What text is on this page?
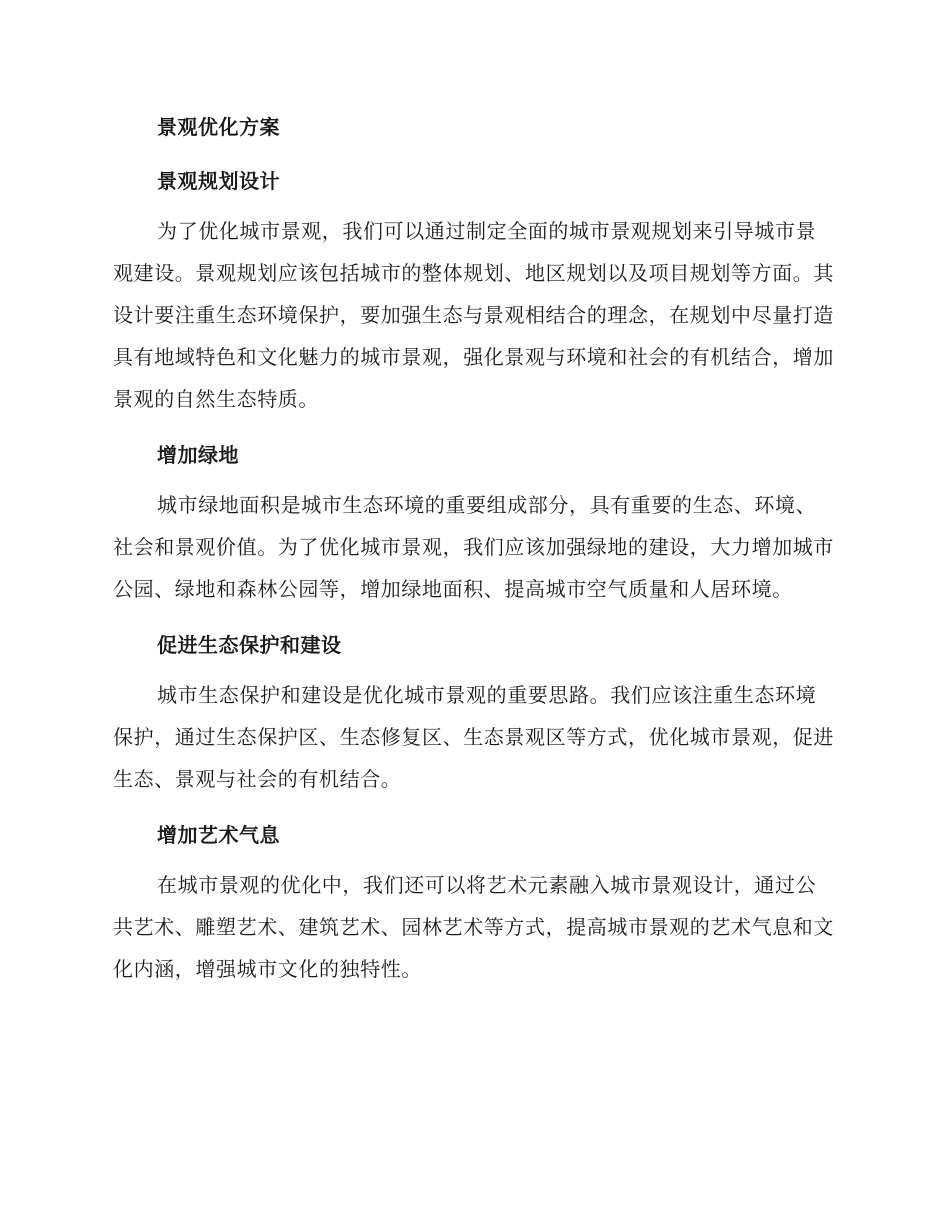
景观优化方案
景观规划设计

为了优化城市景观，我们可以通过制定全面的城市景观规划来引导城市景观建设。景观规划应该包括城市的整体规划、地区规划以及项目规划等方面。其设计要注重生态环境保护，要加强生态与景观相结合的理念，在规划中尽量打造具有地域特色和文化魅力的城市景观，强化景观与环境和社会的有机结合，增加景观的自然生态特质。

增加绿地

城市绿地面积是城市生态环境的重要组成部分，具有重要的生态、环境、社会和景观价值。为了优化城市景观，我们应该加强绿地的建设，大力增加城市公园、绿地和森林公园等，增加绿地面积、提高城市空气质量和人居环境。

促进生态保护和建设

城市生态保护和建设是优化城市景观的重要思路。我们应该注重生态环境保护，通过生态保护区、生态修复区、生态景观区等方式，优化城市景观，促进生态、景观与社会的有机结合。

增加艺术气息

在城市景观的优化中，我们还可以将艺术元素融入城市景观设计，通过公共艺术、雕塑艺术、建筑艺术、园林艺术等方式，提高城市景观的艺术气息和文化内涵，增强城市文化的独特性。
